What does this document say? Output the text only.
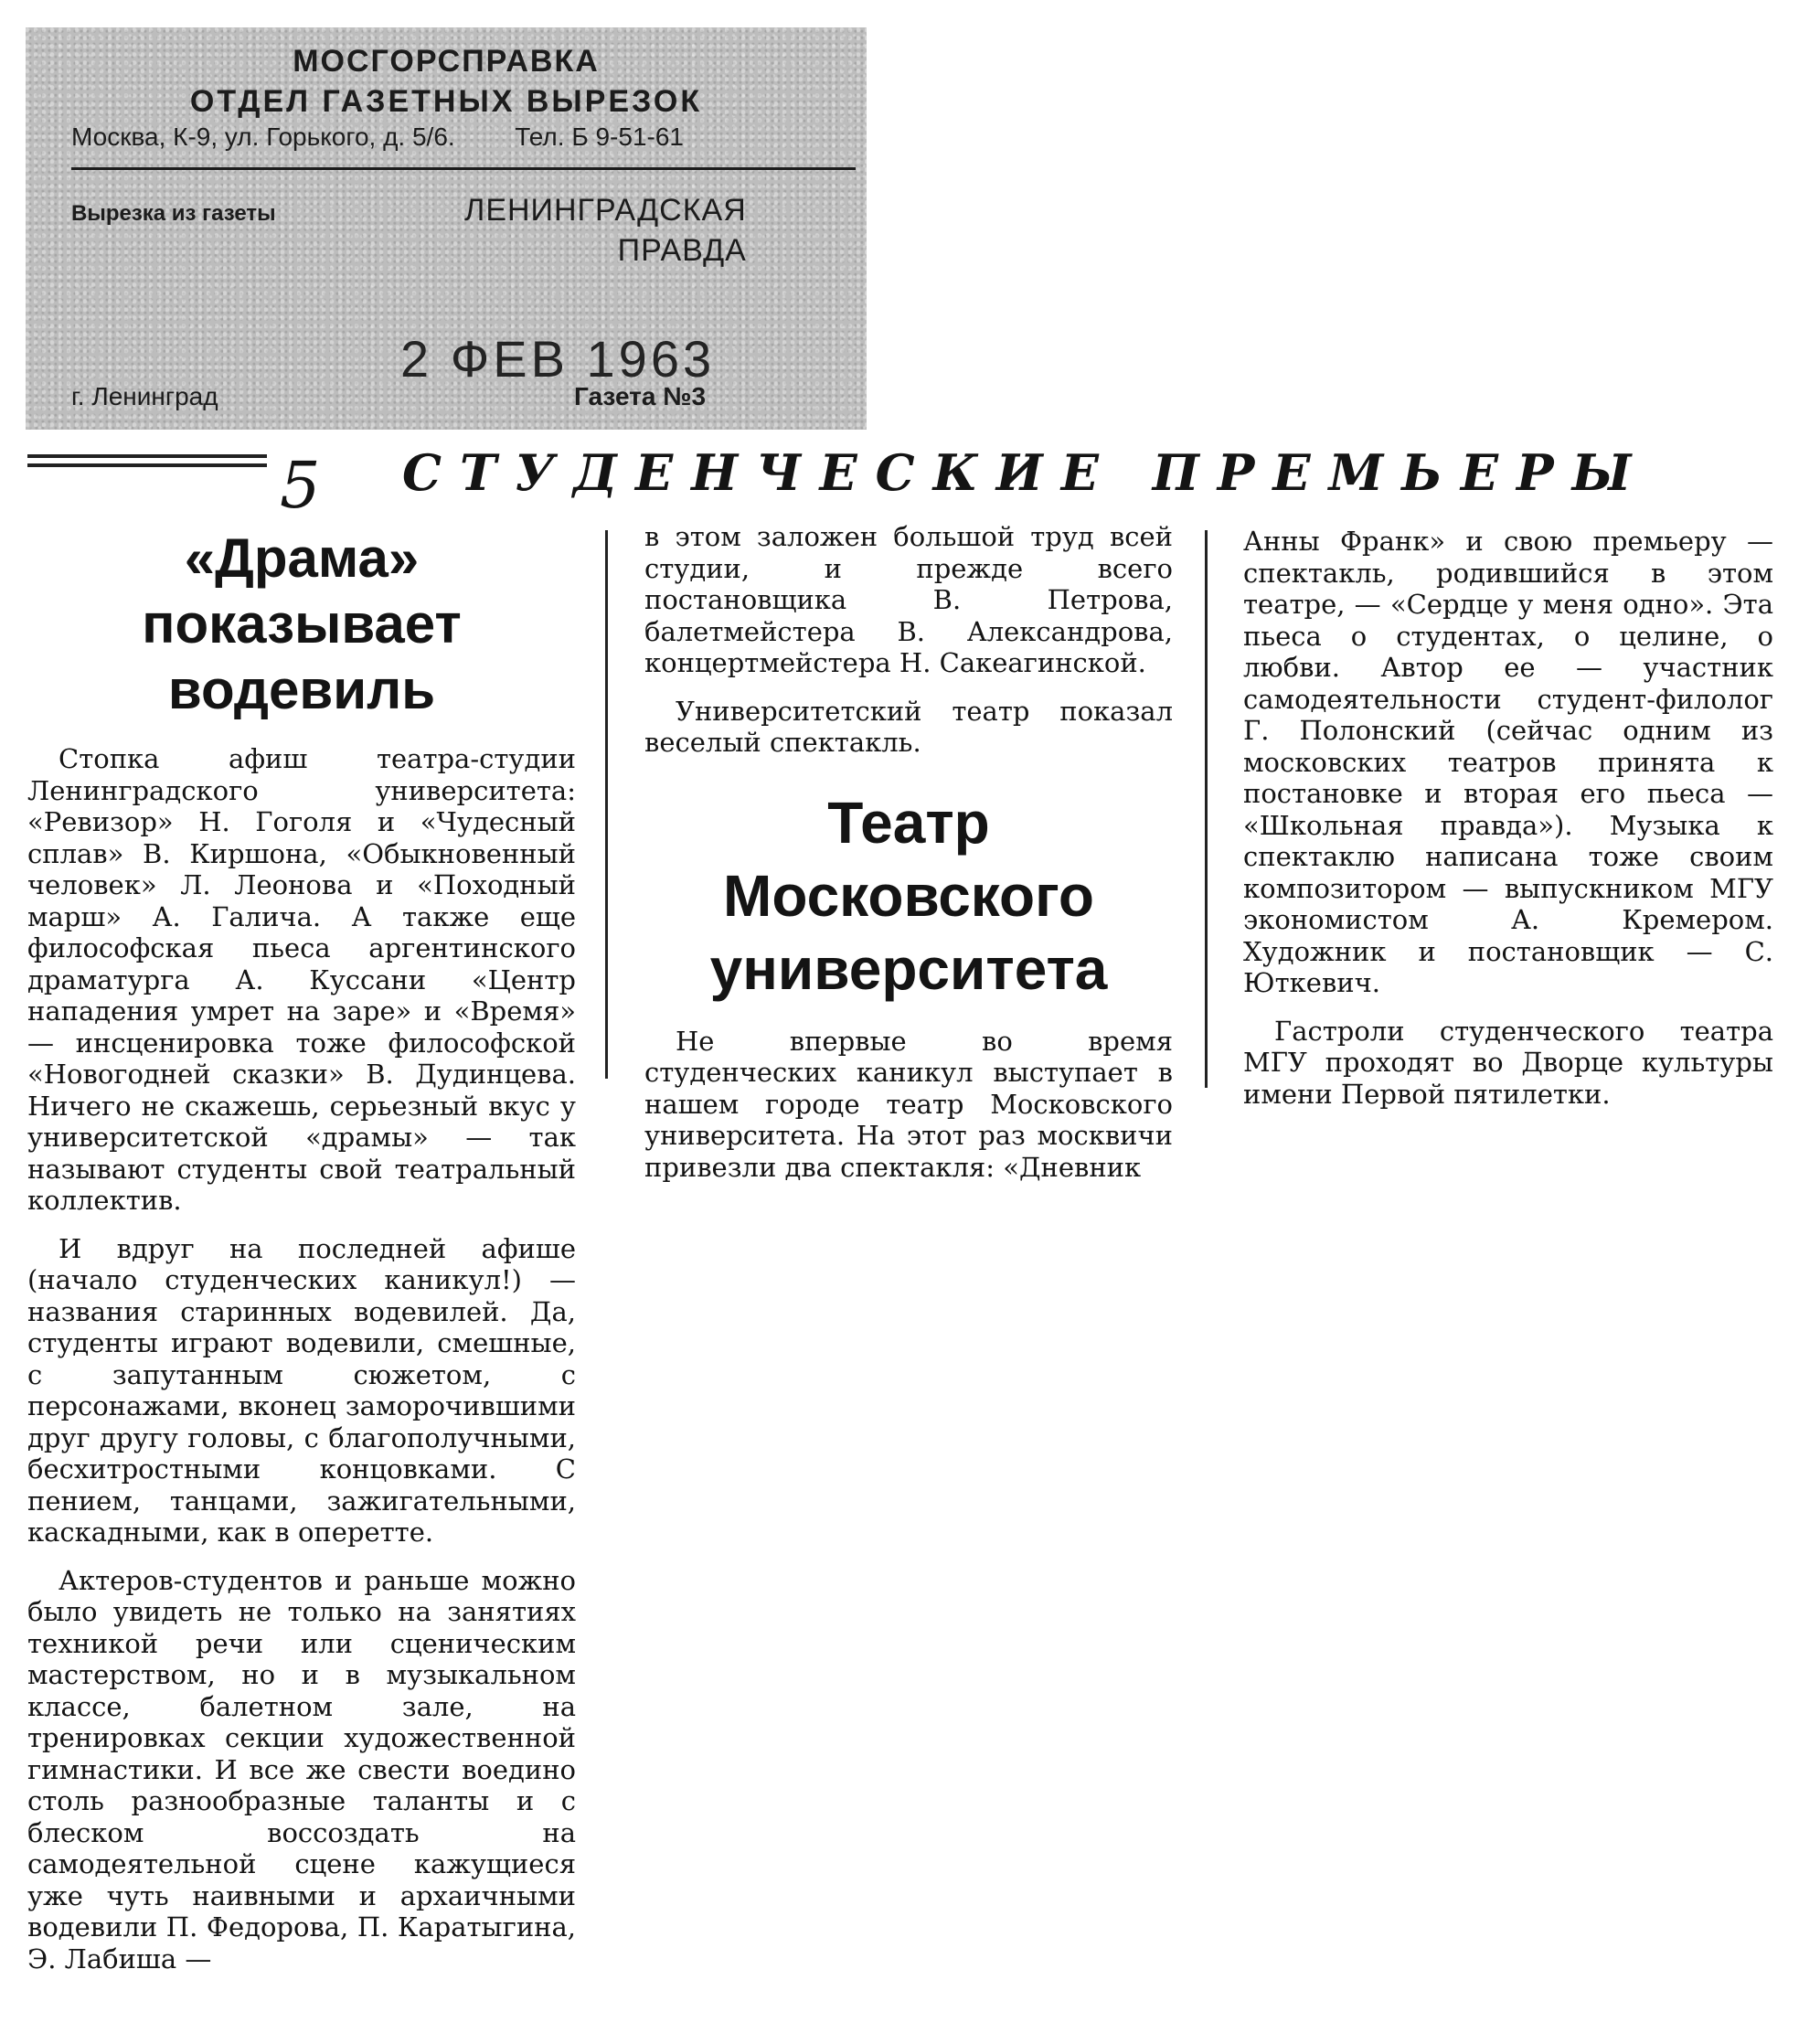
МОСГОРСПРАВКА
ОТДЕЛ ГАЗЕТНЫХ ВЫРЕЗОК
Москва, К-9, ул. Горького, д. 5/6. Тел. Б 9-51-61
Вырезка из газеты	ЛЕНИНГРАДСКАЯ
ПРАВДА
2 ФЕВ 1963
г. Ленинград	Газета №3
5 СТУДЕНЧЕСКИЕ ПРЕМЬЕРЫ
«Драма» показывает
водевиль

Стопка афиш театра-студии Ленинградского университета: «Ревизор» Н. Гоголя и «Чудесный сплав» В. Киршона, «Обыкновенный человек» Л. Леонова и «Походный марш» А. Галича. А также еще философская пьеса аргентинского драматурга А. Куссани «Центр нападения умрет на заре» и «Время» — инсценировка тоже философской «Новогодней сказки» В. Дудинцева. Ничего не скажешь, серьезный вкус у университетской «драмы» — так называют студенты свой театральный коллектив.

И вдруг на последней афише (начало студенческих каникул!) — названия старинных водевилей. Да, студенты играют водевили, смешные, с запутанным сюжетом, с персонажами, вконец заморочившими друг другу головы, с благополучными, бесхитростными концовками. С пением, танцами, зажигательными, каскадными, как в оперетте.

Актеров-студентов и раньше можно было увидеть не только на занятиях техникой речи или сценическим мастерством, но и в музыкальном классе, балетном зале, на тренировках секции художественной гимнастики. И все же свести воедино столь разнообразные таланты и с блеском воссоздать на самодеятельной сцене кажущиеся уже чуть наивными и архаичными водевили П. Федорова, П. Каратыгина, Э. Лабиша —

в этом заложен большой труд всей студии, и прежде всего постановщика В. Петрова, балетмейстера В. Александрова, концертмейстера Н. Сакеагинской.

Университетский театр показал веселый спектакль.

Театр Московского
университета

Не впервые во время студенческих каникул выступает в нашем городе театр Московского университета. На этот раз москвичи привезли два спектакля: «Дневник

Анны Франк» и свою премьеру — спектакль, родившийся в этом театре, — «Сердце у меня одно». Эта пьеса о студентах, о целине, о любви. Автор ее — участник самодеятельности студент-филолог Г. Полонский (сейчас одним из московских театров принята к постановке и вторая его пьеса — «Школьная правда»). Музыка к спектаклю написана тоже своим композитором — выпускником МГУ экономистом А. Кремером. Художник и постановщик — С. Юткевич.

Гастроли студенческого театра МГУ проходят во Дворце культуры имени Первой пятилетки.
